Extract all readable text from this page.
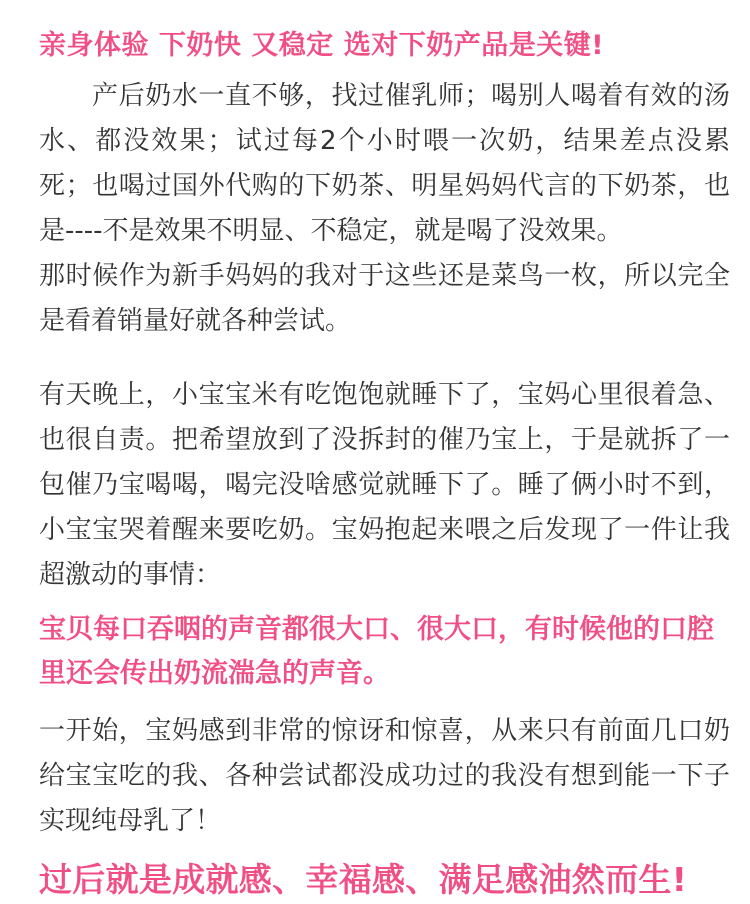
亲身体验 下奶快 又稳定 选对下奶产品是关键!

产后奶水一直不够，找过催乳师；喝别人喝着有效的汤水、都没效果；试过每2个小时喂一次奶，结果差点没累死；也喝过国外代购的下奶茶、明星妈妈代言的下奶茶，也是----不是效果不明显、不稳定，就是喝了没效果。

那时候作为新手妈妈的我对于这些还是菜鸟一枚，所以完全是看着销量好就各种尝试。

有天晚上，小宝宝米有吃饱饱就睡下了，宝妈心里很着急、也很自责。把希望放到了没拆封的催乃宝上，于是就拆了一包催乃宝喝喝，喝完没啥感觉就睡下了。睡了俩小时不到，小宝宝哭着醒来要吃奶。宝妈抱起来喂之后发现了一件让我超激动的事情：

宝贝每口吞咽的声音都很大口、很大口，有时候他的口腔里还会传出奶流湍急的声音。

一开始，宝妈感到非常的惊讶和惊喜，从来只有前面几口奶给宝宝吃的我、各种尝试都没成功过的我没有想到能一下子实现纯母乳了！

过后就是成就感、幸福感、满足感油然而生!
